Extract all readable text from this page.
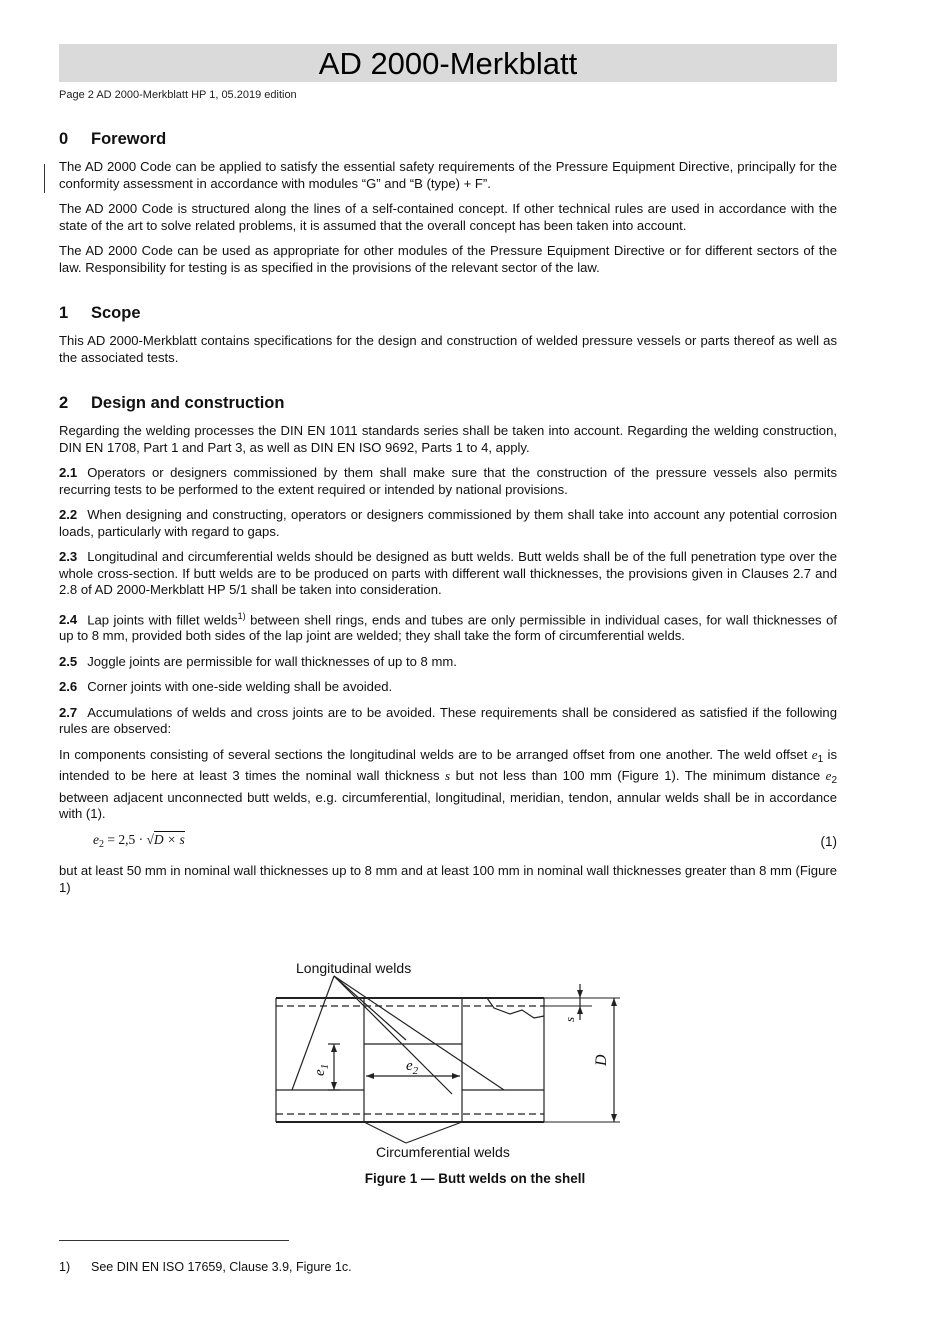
AD 2000-Merkblatt
Page 2 AD 2000-Merkblatt HP 1, 05.2019 edition
0 Foreword

The AD 2000 Code can be applied to satisfy the essential safety requirements of the Pressure Equipment Directive, principally for the conformity assessment in accordance with modules “G” and “B (type) + F”.

The AD 2000 Code is structured along the lines of a self-contained concept. If other technical rules are used in accordance with the state of the art to solve related problems, it is assumed that the overall concept has been taken into account.

The AD 2000 Code can be used as appropriate for other modules of the Pressure Equipment Directive or for different sectors of the law. Responsibility for testing is as specified in the provisions of the relevant sector of the law.

1 Scope

This AD 2000-Merkblatt contains specifications for the design and construction of welded pressure vessels or parts thereof as well as the associated tests.

2 Design and construction

Regarding the welding processes the DIN EN 1011 standards series shall be taken into account. Regarding the welding construction, DIN EN 1708, Part 1 and Part 3, as well as DIN EN ISO 9692, Parts 1 to 4, apply.

2.1 Operators or designers commissioned by them shall make sure that the construction of the pressure vessels also permits recurring tests to be performed to the extent required or intended by national provisions.

2.2 When designing and constructing, operators or designers commissioned by them shall take into account any potential corrosion loads, particularly with regard to gaps.

2.3 Longitudinal and circumferential welds should be designed as butt welds. Butt welds shall be of the full penetration type over the whole cross-section. If butt welds are to be produced on parts with different wall thicknesses, the provisions given in Clauses 2.7 and 2.8 of AD 2000-Merkblatt HP 5/1 shall be taken into consideration.

2.4 Lap joints with fillet welds$^{1)}$ between shell rings, ends and tubes are only permissible in individual cases, for wall thicknesses of up to 8 mm, provided both sides of the lap joint are welded; they shall take the form of circumferential welds.

2.5 Joggle joints are permissible for wall thicknesses of up to 8 mm.

2.6 Corner joints with one-side welding shall be avoided.

2.7 Accumulations of welds and cross joints are to be avoided. These requirements shall be considered as satisfied if the following rules are observed:

In components consisting of several sections the longitudinal welds are to be arranged offset from one another. The weld offset $e_1$ is intended to be here at least 3 times the nominal wall thickness s but not less than 100 mm (Figure 1). The minimum distance $e_2$ between adjacent unconnected butt welds, e.g. circumferential, longitudinal, meridian, tendon, annular welds shall be in accordance with (1).

$e_2 = 2,5 \cdot √D \times s$	(1)

but at least 50 mm in nominal wall thicknesses up to 8 mm and at least 100 mm in nominal wall thicknesses greater than 8 mm (Figure 1)

Longitudinal welds
Circumferential welds
$e_1$	$e_2$
s
D
Figure 1 — Butt welds on the shell
1) See DIN EN ISO 17659, Clause 3.9, Figure 1c.
